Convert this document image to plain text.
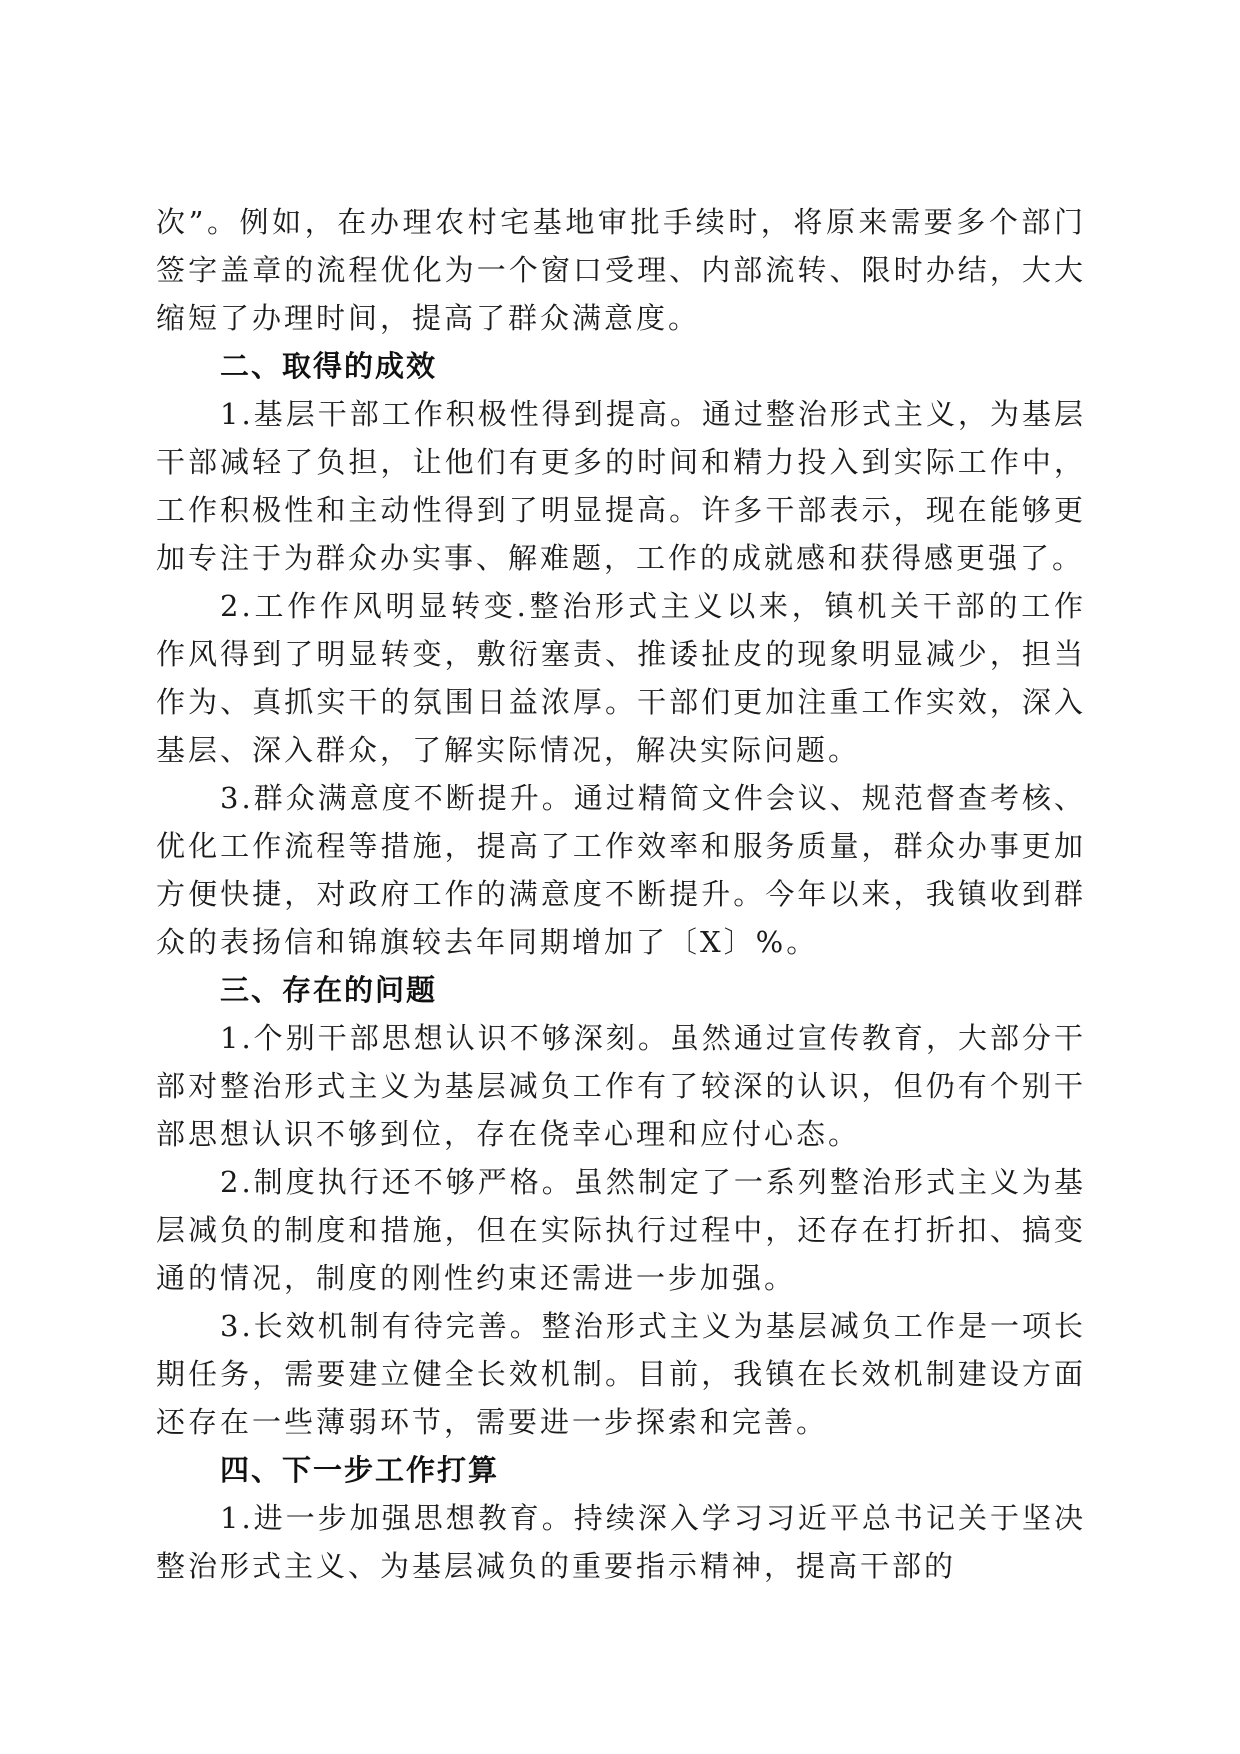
次”。例如，在办理农村宅基地审批手续时，将原来需要多个部门签字盖章的流程优化为一个窗口受理、内部流转、限时办结，大大缩短了办理时间，提高了群众满意度。

二、取得的成效

1.基层干部工作积极性得到提高。通过整治形式主义，为基层干部减轻了负担，让他们有更多的时间和精力投入到实际工作中，工作积极性和主动性得到了明显提高。许多干部表示，现在能够更加专注于为群众办实事、解难题，工作的成就感和获得感更强了。

2.工作作风明显转变.整治形式主义以来，镇机关干部的工作作风得到了明显转变，敷衍塞责、推诿扯皮的现象明显减少，担当作为、真抓实干的氛围日益浓厚。干部们更加注重工作实效，深入基层、深入群众，了解实际情况，解决实际问题。

3.群众满意度不断提升。通过精简文件会议、规范督查考核、优化工作流程等措施，提高了工作效率和服务质量，群众办事更加方便快捷，对政府工作的满意度不断提升。今年以来，我镇收到群众的表扬信和锦旗较去年同期增加了〔X〕%。

三、存在的问题

1.个别干部思想认识不够深刻。虽然通过宣传教育，大部分干部对整治形式主义为基层减负工作有了较深的认识，但仍有个别干部思想认识不够到位，存在侥幸心理和应付心态。

2.制度执行还不够严格。虽然制定了一系列整治形式主义为基层减负的制度和措施，但在实际执行过程中，还存在打折扣、搞变通的情况，制度的刚性约束还需进一步加强。

3.长效机制有待完善。整治形式主义为基层减负工作是一项长期任务，需要建立健全长效机制。目前，我镇在长效机制建设方面还存在一些薄弱环节，需要进一步探索和完善。

四、下一步工作打算

1.进一步加强思想教育。持续深入学习习近平总书记关于坚决整治形式主义、为基层减负的重要指示精神，提高干部的
